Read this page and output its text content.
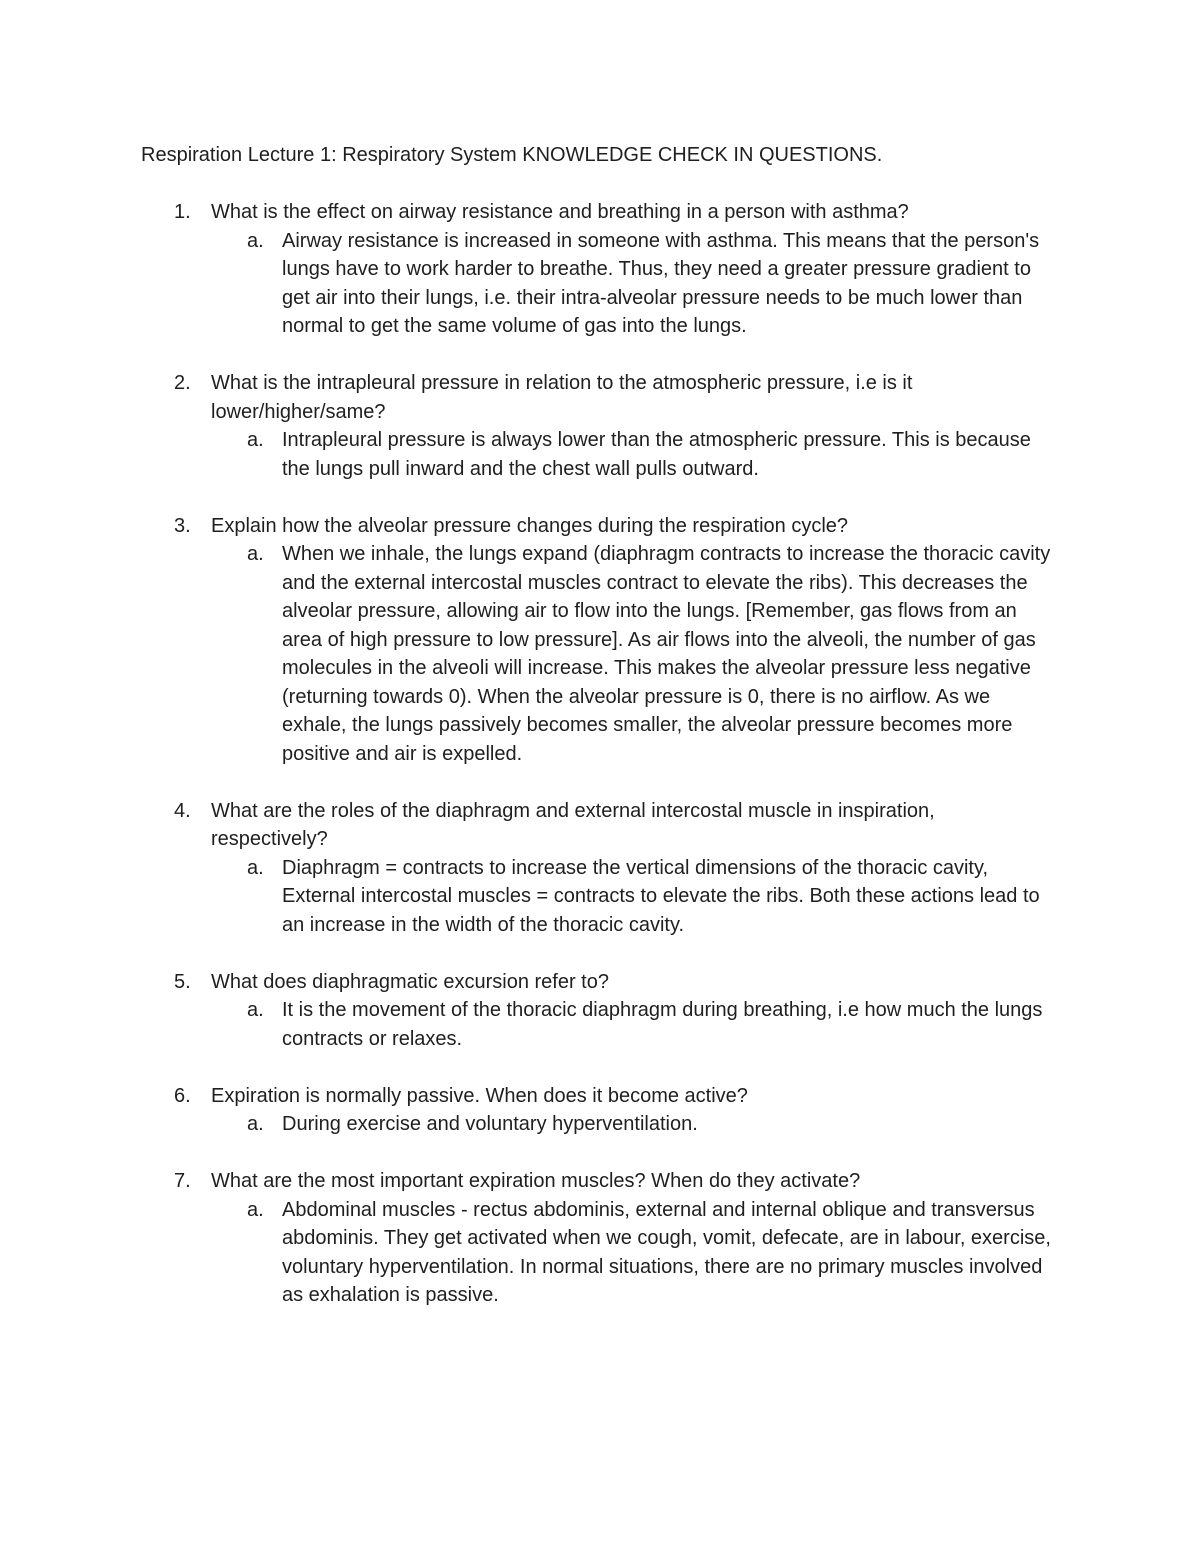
Respiration Lecture 1: Respiratory System KNOWLEDGE CHECK IN QUESTIONS.
1. What is the effect on airway resistance and breathing in a person with asthma?
a. Airway resistance is increased in someone with asthma. This means that the person's lungs have to work harder to breathe. Thus, they need a greater pressure gradient to get air into their lungs, i.e. their intra-alveolar pressure needs to be much lower than normal to get the same volume of gas into the lungs.
2. What is the intrapleural pressure in relation to the atmospheric pressure, i.e is it lower/higher/same?
a. Intrapleural pressure is always lower than the atmospheric pressure. This is because the lungs pull inward and the chest wall pulls outward.
3. Explain how the alveolar pressure changes during the respiration cycle?
a. When we inhale, the lungs expand (diaphragm contracts to increase the thoracic cavity and the external intercostal muscles contract to elevate the ribs). This decreases the alveolar pressure, allowing air to flow into the lungs. [Remember, gas flows from an area of high pressure to low pressure]. As air flows into the alveoli, the number of gas molecules in the alveoli will increase. This makes the alveolar pressure less negative (returning towards 0). When the alveolar pressure is 0, there is no airflow. As we exhale, the lungs passively becomes smaller, the alveolar pressure becomes more positive and air is expelled.
4. What are the roles of the diaphragm and external intercostal muscle in inspiration, respectively?
a. Diaphragm = contracts to increase the vertical dimensions of the thoracic cavity, External intercostal muscles = contracts to elevate the ribs. Both these actions lead to an increase in the width of the thoracic cavity.
5. What does diaphragmatic excursion refer to?
a. It is the movement of the thoracic diaphragm during breathing, i.e how much the lungs contracts or relaxes.
6. Expiration is normally passive. When does it become active?
a. During exercise and voluntary hyperventilation.
7. What are the most important expiration muscles? When do they activate?
a. Abdominal muscles - rectus abdominis, external and internal oblique and transversus abdominis. They get activated when we cough, vomit, defecate, are in labour, exercise, voluntary hyperventilation. In normal situations, there are no primary muscles involved as exhalation is passive.
